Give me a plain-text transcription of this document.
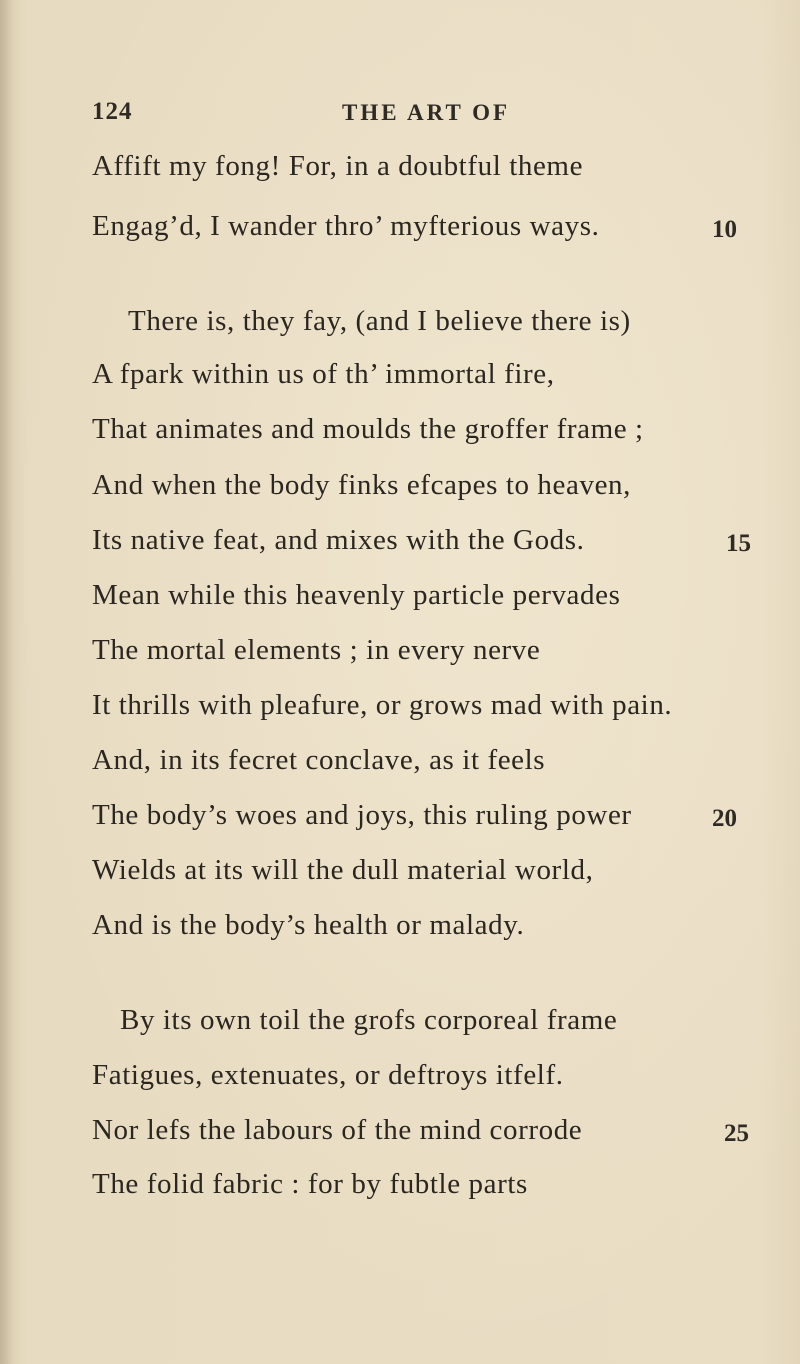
124	THE ART OF
Affift my fong! For, in a doubtful theme
Engag’d, I wander thro’ myfterious ways.
There is, they fay, (and I believe there is)
A fpark within us of th’ immortal fire,
That animates and moulds the groffer frame ;
And when the body finks efcapes to heaven,
Its native feat, and mixes with the Gods.
Mean while this heavenly particle pervades
The mortal elements ; in every nerve
It thrills with pleafure, or grows mad with pain.
And, in its fecret conclave, as it feels
The body’s woes and joys, this ruling power
Wields at its will the dull material world,
And is the body’s health or malady.
By its own toil the grofs corporeal frame
Fatigues, extenuates, or deftroys itfelf.
Nor lefs the labours of the mind corrode
The folid fabric : for by fubtle parts
10
15
20
25
